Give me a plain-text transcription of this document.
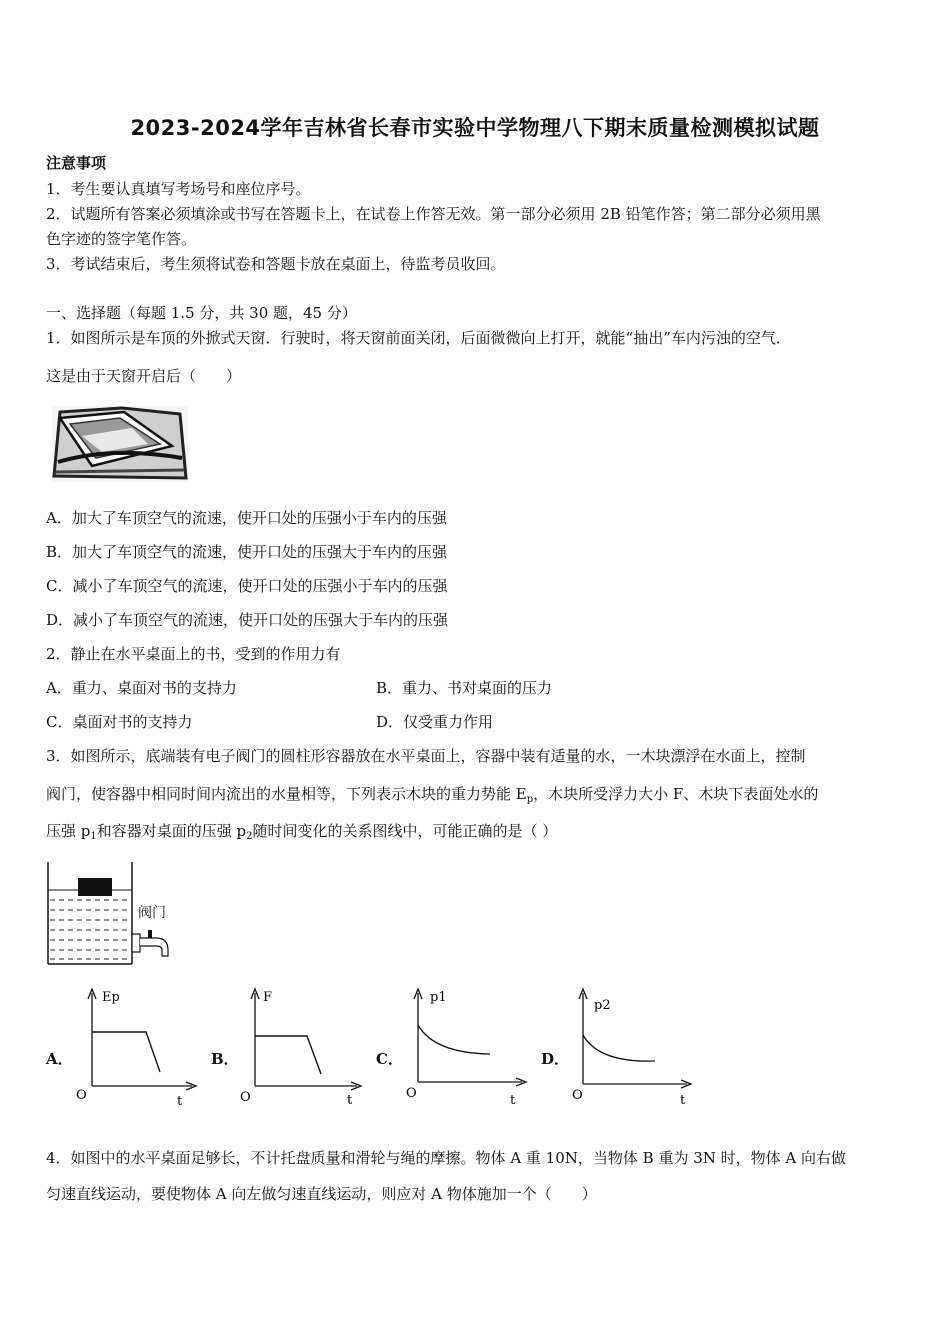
2023-2024学年吉林省长春市实验中学物理八下期末质量检测模拟试题
注意事项
1．考生要认真填写考场号和座位序号。
2．试题所有答案必须填涂或书写在答题卡上，在试卷上作答无效。第一部分必须用 2B 铅笔作答；第二部分必须用黑
色字迹的签字笔作答。
3．考试结束后，考生须将试卷和答题卡放在桌面上，待监考员收回。
一、选择题（每题 1.5 分，共 30 题，45 分）
1．如图所示是车顶的外掀式天窗．行驶时，将天窗前面关闭，后面微微向上打开，就能“抽出”车内污浊的空气．
这是由于天窗开启后（　　）
A．加大了车顶空气的流速，使开口处的压强小于车内的压强
B．加大了车顶空气的流速，使开口处的压强大于车内的压强
C．减小了车顶空气的流速，使开口处的压强小于车内的压强
D．减小了车顶空气的流速，使开口处的压强大于车内的压强
2．静止在水平桌面上的书，受到的作用力有
A．重力、桌面对书的支持力	B．重力、书对桌面的压力
C．桌面对书的支持力	D．仅受重力作用
3．如图所示，底端装有电子阀门的圆柱形容器放在水平桌面上，容器中装有适量的水，一木块漂浮在水面上，控制
阀门，使容器中相同时间内流出的水量相等，下列表示木块的重力势能 $E_p$，木块所受浮力大小 F、木块下表面处水的
压强 $p_1$和容器对桌面的压强 $p_2$随时间变化的关系图线中，可能正确的是（ ）
阀门
A．
Ep
O	t
B．
F
O	t
C．
p1
O	t
D．
p2
O	t
4．如图中的水平桌面足够长，不计托盘质量和滑轮与绳的摩擦。物体 A 重 10N，当物体 B 重为 3N 时，物体 A 向右做
匀速直线运动，要使物体 A 向左做匀速直线运动，则应对 A 物体施加一个（　　）
